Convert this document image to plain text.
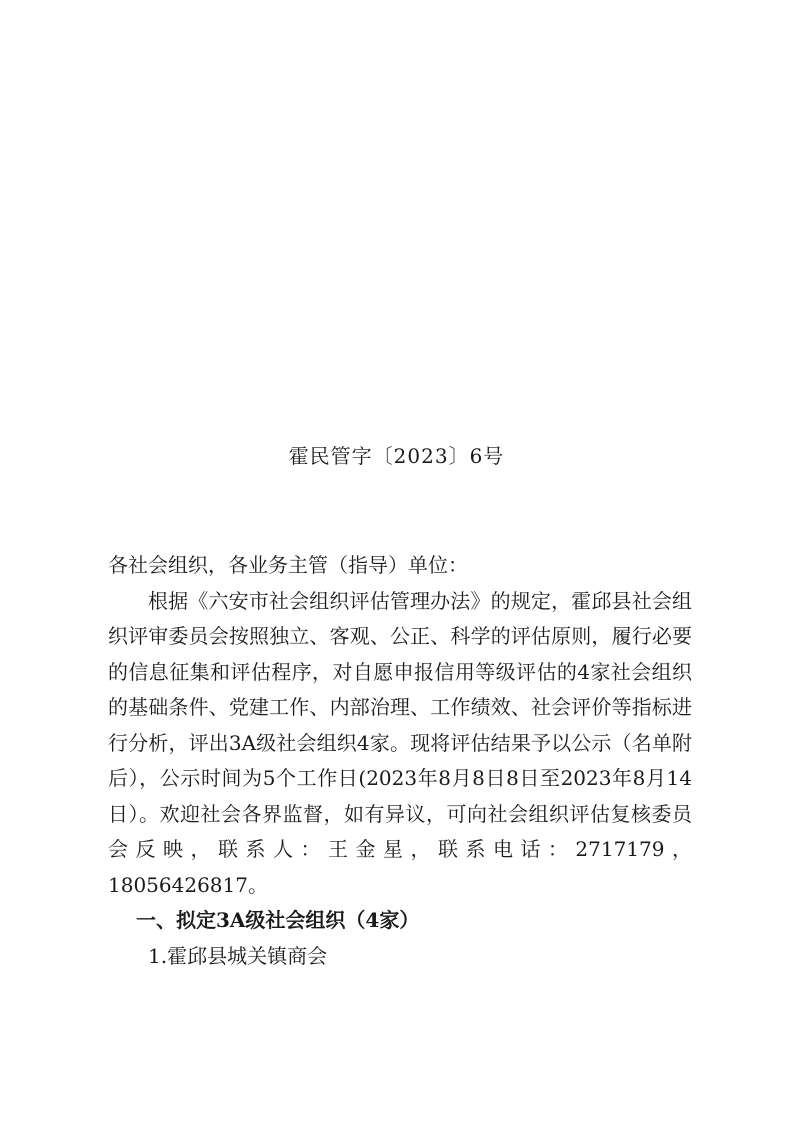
霍民管字〔2023〕6号

各社会组织，各业务主管（指导）单位：

根据《六安市社会组织评估管理办法》的规定，霍邱县社会组织评审委员会按照独立、客观、公正、科学的评估原则，履行必要的信息征集和评估程序，对自愿申报信用等级评估的4家社会组织的基础条件、党建工作、内部治理、工作绩效、社会评价等指标进行分析，评出3A级社会组织4家。现将评估结果予以公示（名单附后），公示时间为5个工作日(2023年8月8日8日至2023年8月14日）。欢迎社会各界监督，如有异议，可向社会组织评估复核委员会反映，联系人：王金星，联系电话：2717179，18056426817。

一、拟定3A级社会组织（4家）

1.霍邱县城关镇商会
